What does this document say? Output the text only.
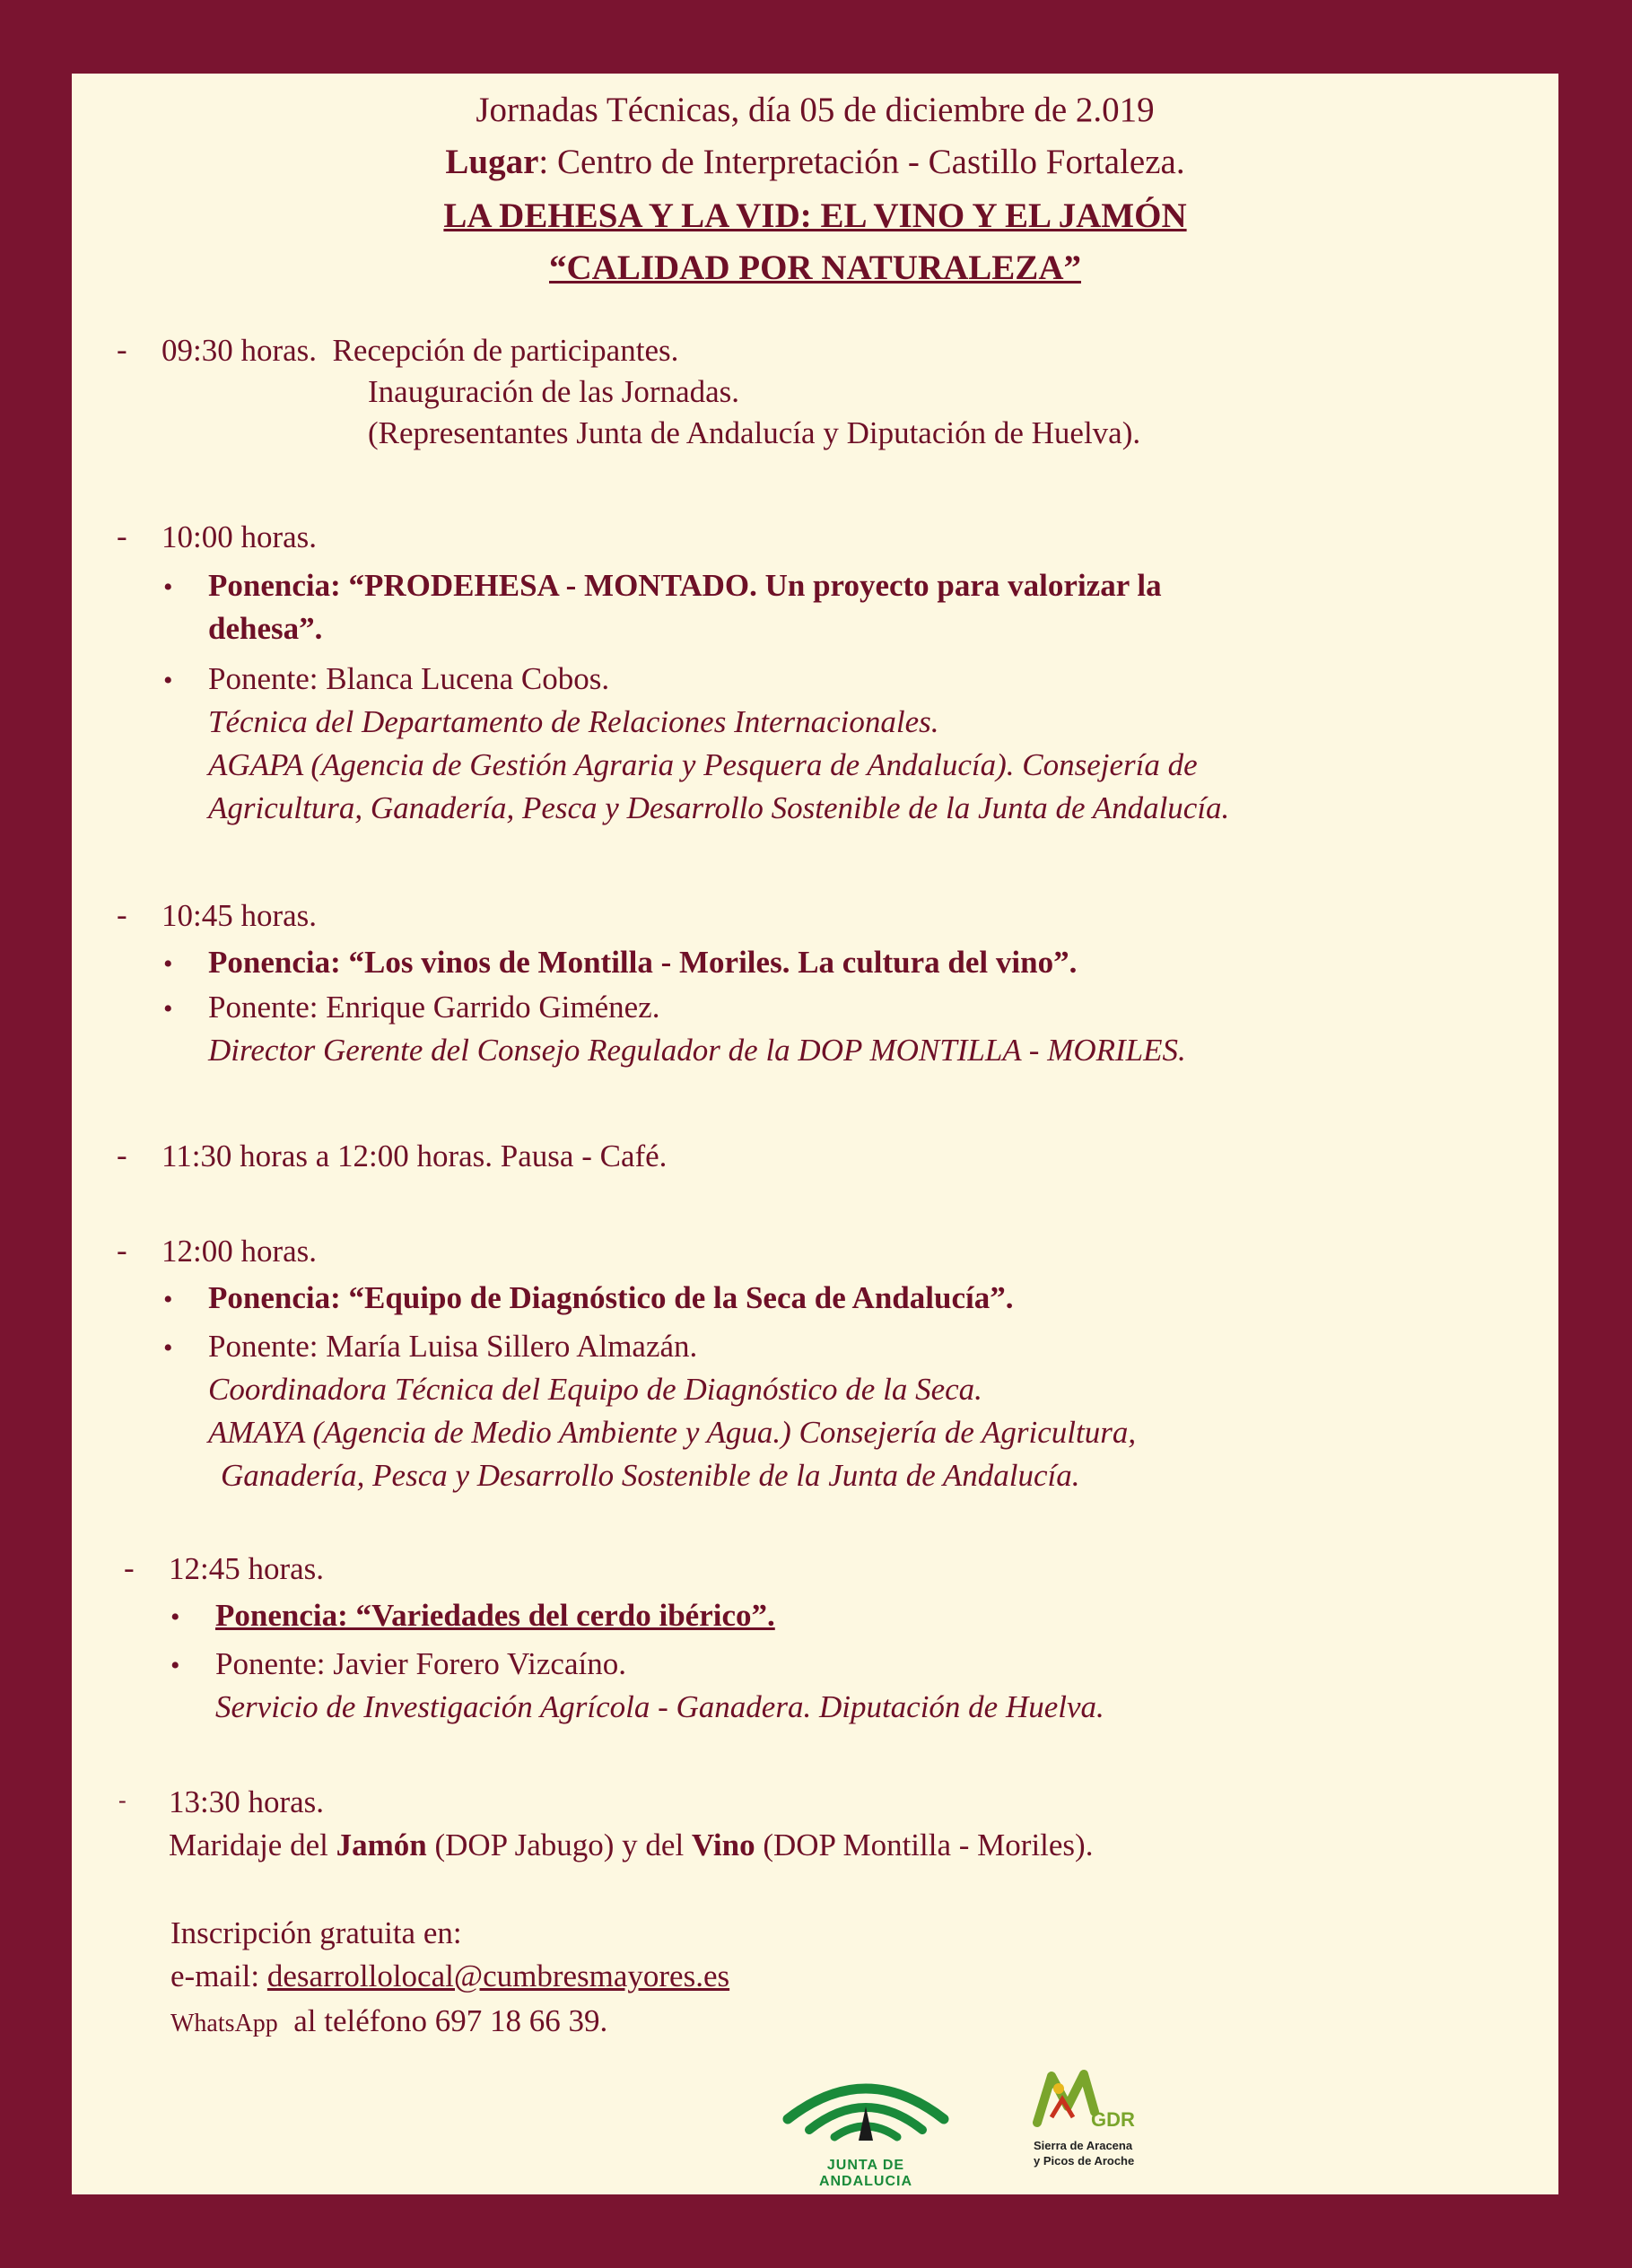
Jornadas Técnicas, día 05 de diciembre de 2.019
Lugar: Centro de Interpretación - Castillo Fortaleza.
LA DEHESA Y LA VID: EL VINO Y EL JAMÓN
“CALIDAD POR NATURALEZA”
- 09:30 horas. Recepción de participantes.
Inauguración de las Jornadas.
(Representantes Junta de Andalucía y Diputación de Huelva).
- 10:00 horas.
• Ponencia: “PRODEHESA - MONTADO. Un proyecto para valorizar la
dehesa”.
• Ponente: Blanca Lucena Cobos.
Técnica del Departamento de Relaciones Internacionales.
AGAPA (Agencia de Gestión Agraria y Pesquera de Andalucía). Consejería de
Agricultura, Ganadería, Pesca y Desarrollo Sostenible de la Junta de Andalucía.
- 10:45 horas.
• Ponencia: “Los vinos de Montilla - Moriles. La cultura del vino”.
• Ponente: Enrique Garrido Giménez.
Director Gerente del Consejo Regulador de la DOP MONTILLA - MORILES.
- 11:30 horas a 12:00 horas. Pausa - Café.
- 12:00 horas.
• Ponencia: “Equipo de Diagnóstico de la Seca de Andalucía”.
• Ponente: María Luisa Sillero Almazán.
Coordinadora Técnica del Equipo de Diagnóstico de la Seca.
AMAYA (Agencia de Medio Ambiente y Agua.) Consejería de Agricultura,
Ganadería, Pesca y Desarrollo Sostenible de la Junta de Andalucía.
- 12:45 horas.
• Ponencia: “Variedades del cerdo ibérico”.
• Ponente: Javier Forero Vizcaíno.
Servicio de Investigación Agrícola - Ganadera. Diputación de Huelva.
- 13:30 horas.
Maridaje del Jamón (DOP Jabugo) y del Vino (DOP Montilla - Moriles).
Inscripción gratuita en:
e-mail: desarrollolocal@cumbresmayores.es
WhatsApp  al teléfono 697 18 66 39.
JUNTA DE ANDALUCIA
GDR
Sierra de Aracena
y Picos de Aroche
